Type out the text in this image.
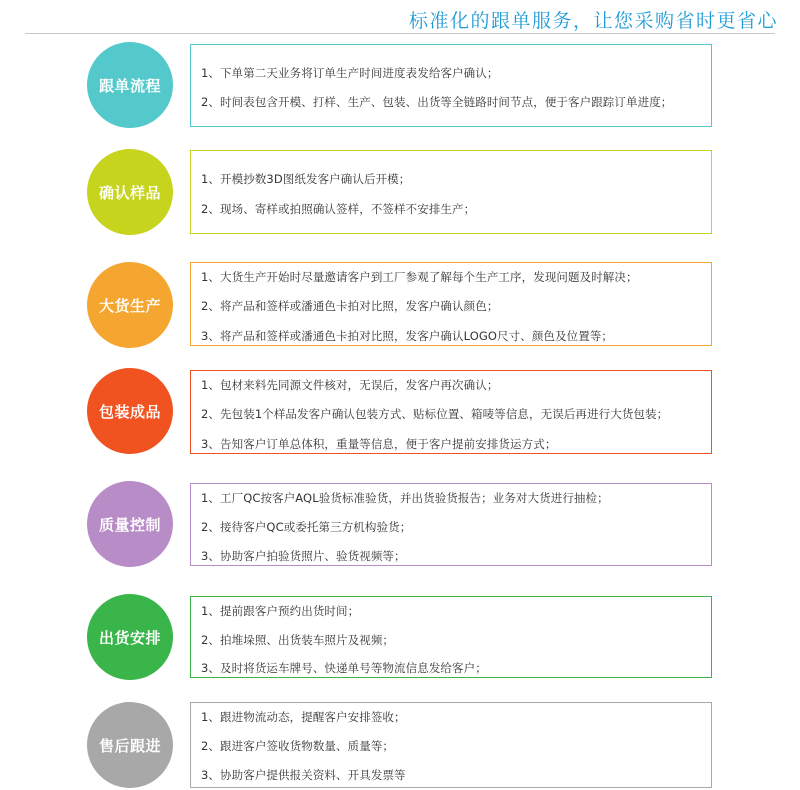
标准化的跟单服务，让您采购省时更省心
跟单流程
1、下单第二天业务将订单生产时间进度表发给客户确认；
2、时间表包含开模、打样、生产、包装、出货等全链路时间节点，便于客户跟踪订单进度；
确认样品
1、开模抄数3D图纸发客户确认后开模；
2、现场、寄样或拍照确认签样，不签样不安排生产；
大货生产
1、大货生产开始时尽量邀请客户到工厂参观了解每个生产工序，发现问题及时解决；
2、将产品和签样或潘通色卡拍对比照，发客户确认颜色；
3、将产品和签样或潘通色卡拍对比照，发客户确认LOGO尺寸、颜色及位置等；
包装成品
1、包材来料先同源文件核对，无误后，发客户再次确认；
2、先包装1个样品发客户确认包装方式、贴标位置、箱唛等信息，无误后再进行大货包装；
3、告知客户订单总体积，重量等信息，便于客户提前安排货运方式；
质量控制
1、工厂QC按客户AQL验货标准验货，并出货验货报告；业务对大货进行抽检；
2、接待客户QC或委托第三方机构验货；
3、协助客户拍验货照片、验货视频等；
出货安排
1、提前跟客户预约出货时间；
2、拍堆垛照、出货装车照片及视频；
3、及时将货运车牌号、快递单号等物流信息发给客户；
售后跟进
1、跟进物流动态，提醒客户安排签收；
2、跟进客户签收货物数量、质量等；
3、协助客户提供报关资料、开具发票等
